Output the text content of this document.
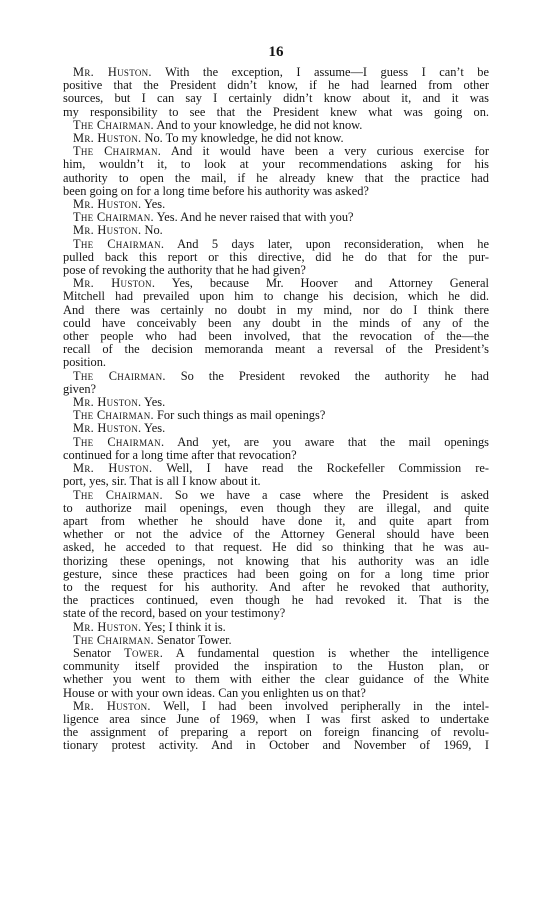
16
Mr. Huston. With the exception, I assume—I guess I can’t be
positive that the President didn’t know, if he had learned from other
sources, but I can say I certainly didn’t know about it, and it was
my responsibility to see that the President knew what was going on.
The Chairman. And to your knowledge, he did not know.
Mr. Huston. No. To my knowledge, he did not know.
The Chairman. And it would have been a very curious exercise for
him, wouldn’t it, to look at your recommendations asking for his
authority to open the mail, if he already knew that the practice had
been going on for a long time before his authority was asked?
Mr. Huston. Yes.
The Chairman. Yes. And he never raised that with you?
Mr. Huston. No.
The Chairman. And 5 days later, upon reconsideration, when he
pulled back this report or this directive, did he do that for the pur-
pose of revoking the authority that he had given?
Mr. Huston. Yes, because Mr. Hoover and Attorney General
Mitchell had prevailed upon him to change his decision, which he did.
And there was certainly no doubt in my mind, nor do I think there
could have conceivably been any doubt in the minds of any of the
other people who had been involved, that the revocation of the—the
recall of the decision memoranda meant a reversal of the President’s
position.
The Chairman. So the President revoked the authority he had
given?
Mr. Huston. Yes.
The Chairman. For such things as mail openings?
Mr. Huston. Yes.
The Chairman. And yet, are you aware that the mail openings
continued for a long time after that revocation?
Mr. Huston. Well, I have read the Rockefeller Commission re-
port, yes, sir. That is all I know about it.
The Chairman. So we have a case where the President is asked
to authorize mail openings, even though they are illegal, and quite
apart from whether he should have done it, and quite apart from
whether or not the advice of the Attorney General should have been
asked, he acceded to that request. He did so thinking that he was au-
thorizing these openings, not knowing that his authority was an idle
gesture, since these practices had been going on for a long time prior
to the request for his authority. And after he revoked that authority,
the practices continued, even though he had revoked it. That is the
state of the record, based on your testimony?
Mr. Huston. Yes; I think it is.
The Chairman. Senator Tower.
Senator Tower. A fundamental question is whether the intelligence
community itself provided the inspiration to the Huston plan, or
whether you went to them with either the clear guidance of the White
House or with your own ideas. Can you enlighten us on that?
Mr. Huston. Well, I had been involved peripherally in the intel-
ligence area since June of 1969, when I was first asked to undertake
the assignment of preparing a report on foreign financing of revolu-
tionary protest activity. And in October and November of 1969, I
